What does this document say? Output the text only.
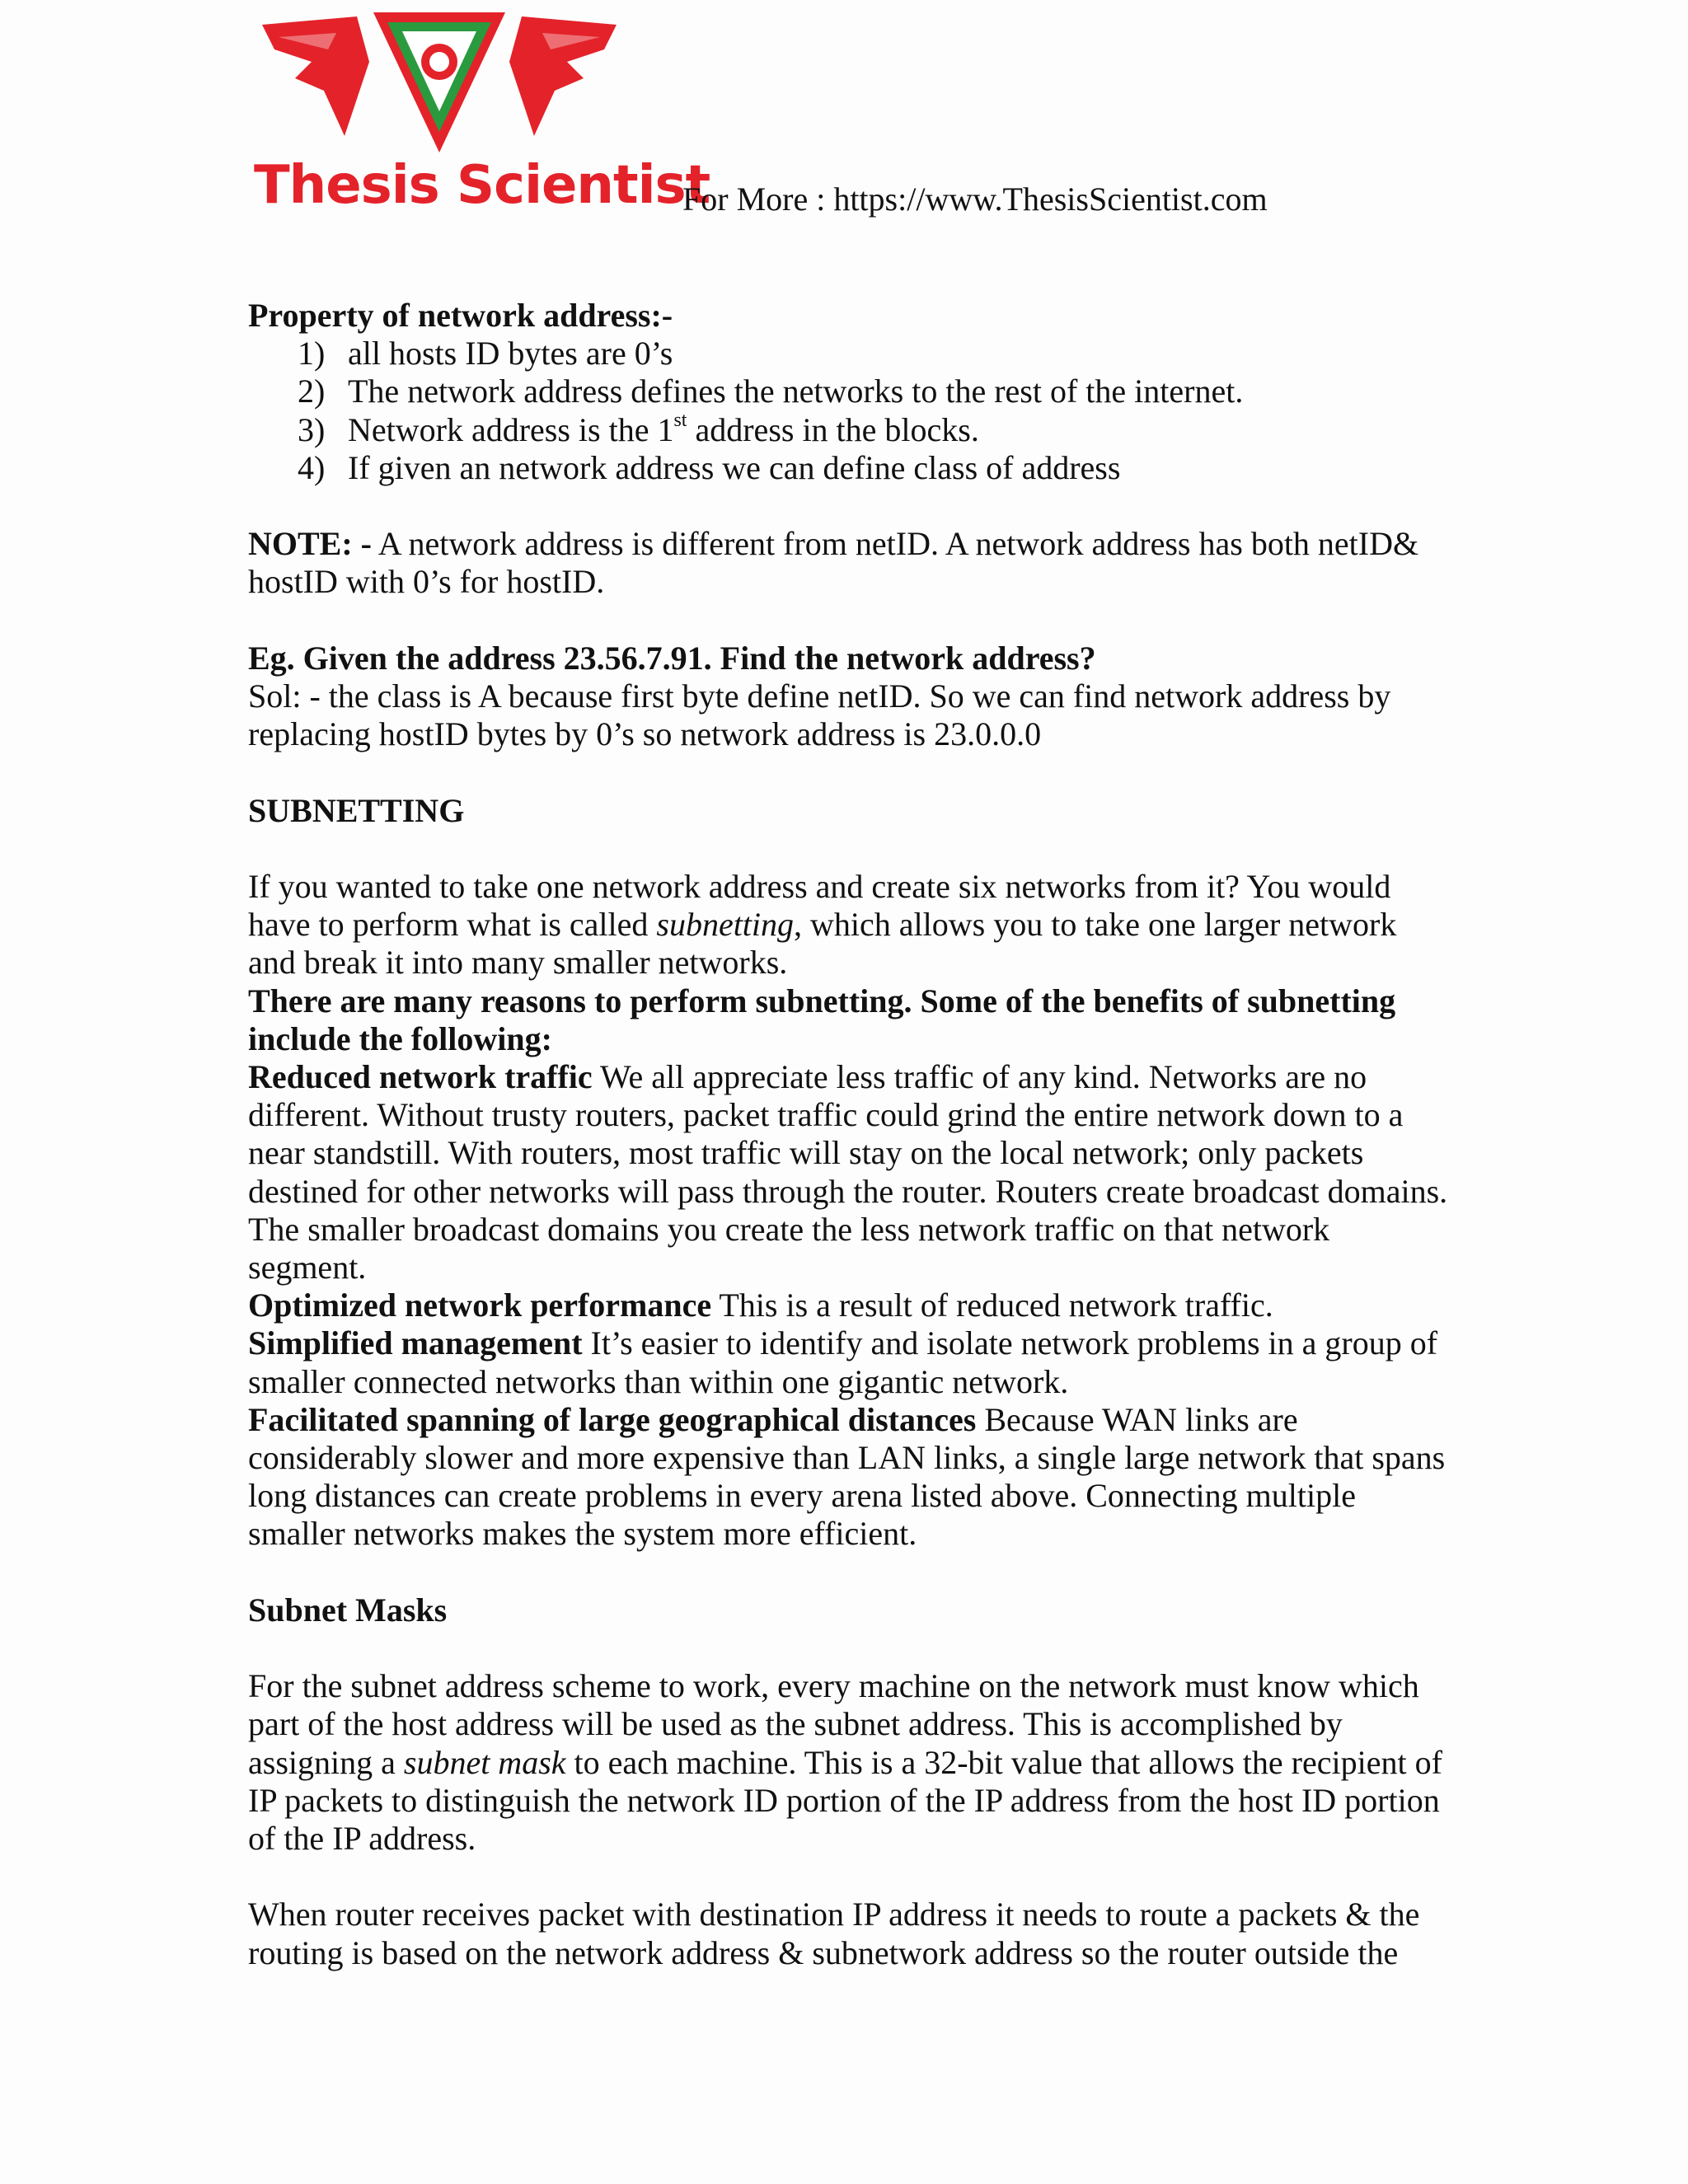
Thesis Scientist
For More : https://www.ThesisScientist.com

Property of network address:-

1) all hosts ID bytes are 0’s
2) The network address defines the networks to the rest of the internet.
3) Network address is the 1st address in the blocks.
4) If given an network address we can define class of address

NOTE: - A network address is different from netID. A network address has both netID& hostID with 0’s for hostID.

Eg. Given the address 23.56.7.91. Find the network address?

Sol: - the class is A because first byte define netID. So we can find network address by replacing hostID bytes by 0’s so network address is 23.0.0.0

SUBNETTING

If you wanted to take one network address and create six networks from it? You would have to perform what is called subnetting, which allows you to take one larger network and break it into many smaller networks.

There are many reasons to perform subnetting. Some of the benefits of subnetting include the following:

Reduced network traffic We all appreciate less traffic of any kind. Networks are no different. Without trusty routers, packet traffic could grind the entire network down to a near standstill. With routers, most traffic will stay on the local network; only packets destined for other networks will pass through the router. Routers create broadcast domains. The smaller broadcast domains you create the less network traffic on that network segment.

Optimized network performance This is a result of reduced network traffic.

Simplified management It’s easier to identify and isolate network problems in a group of smaller connected networks than within one gigantic network.

Facilitated spanning of large geographical distances Because WAN links are considerably slower and more expensive than LAN links, a single large network that spans long distances can create problems in every arena listed above. Connecting multiple smaller networks makes the system more efficient.

Subnet Masks

For the subnet address scheme to work, every machine on the network must know which part of the host address will be used as the subnet address. This is accomplished by assigning a subnet mask to each machine. This is a 32-bit value that allows the recipient of IP packets to distinguish the network ID portion of the IP address from the host ID portion of the IP address.

When router receives packet with destination IP address it needs to route a packets & the routing is based on the network address & subnetwork address so the router outside the
